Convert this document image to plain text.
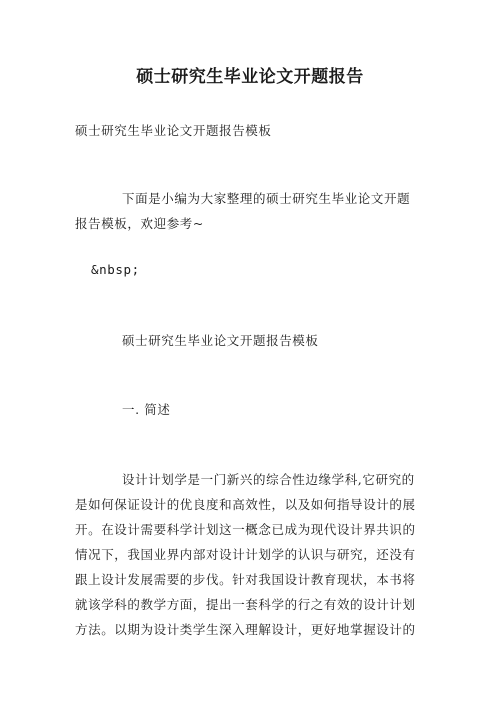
硕士研究生毕业论文开题报告
硕士研究生毕业论文开题报告模板
下面是小编为大家整理的硕士研究生毕业论文开题
报告模板，欢迎参考~
&nbsp;
硕士研究生毕业论文开题报告模板
一. 简述
设计计划学是一门新兴的综合性边缘学科,它研究的
是如何保证设计的优良度和高效性，以及如何指导设计的展
开。在设计需要科学计划这一概念已成为现代设计界共识的
情况下，我国业界内部对设计计划学的认识与研究，还没有
跟上设计发展需要的步伐。针对我国设计教育现状，本书将
就该学科的教学方面，提出一套科学的行之有效的设计计划
方法。以期为设计类学生深入理解设计，更好地掌握设计的
